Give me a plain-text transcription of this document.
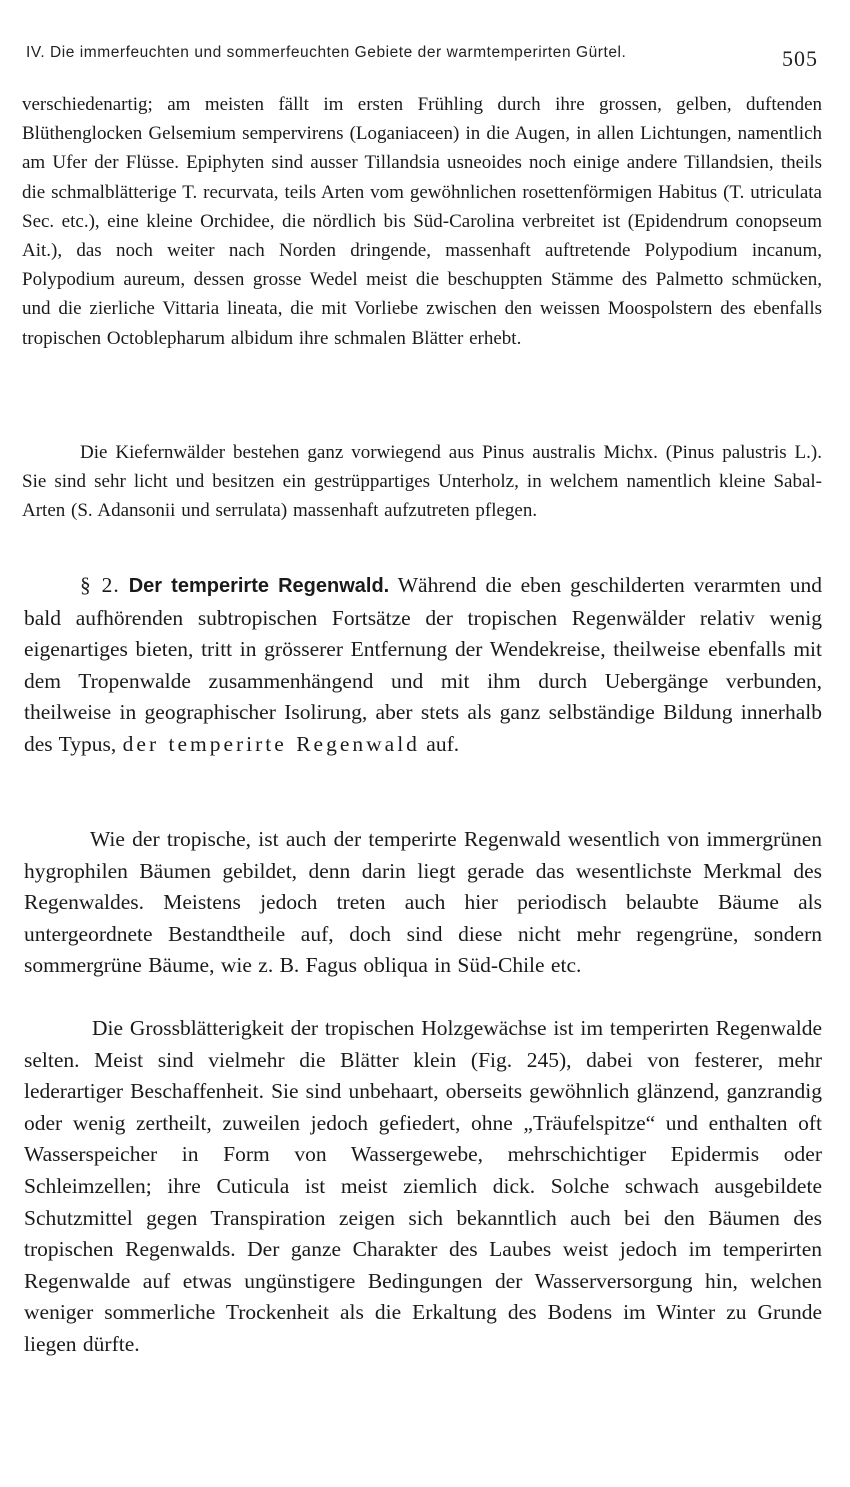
IV. Die immerfeuchten und sommerfeuchten Gebiete der warmtemperirten Gürtel.	505

verschiedenartig; am meisten fällt im ersten Frühling durch ihre grossen, gelben, duftenden Blüthenglocken Gelsemium sempervirens (Loganiaceen) in die Augen, in allen Lichtungen, namentlich am Ufer der Flüsse. Epiphyten sind ausser Tillandsia usneoides noch einige andere Tillandsien, theils die schmalblätterige T. recurvata, teils Arten vom gewöhnlichen rosettenförmigen Habitus (T. utriculata Sec. etc.), eine kleine Orchidee, die nördlich bis Süd-Carolina verbreitet ist (Epidendrum conopseum Ait.), das noch weiter nach Norden dringende, massenhaft auftretende Polypodium incanum, Polypodium aureum, dessen grosse Wedel meist die beschuppten Stämme des Palmetto schmücken, und die zierliche Vittaria lineata, die mit Vorliebe zwischen den weissen Moospolstern des ebenfalls tropischen Octoblepharum albidum ihre schmalen Blätter erhebt.

Die Kiefernwälder bestehen ganz vorwiegend aus Pinus australis Michx. (Pinus palustris L.). Sie sind sehr licht und besitzen ein gestrüppartiges Unterholz, in welchem namentlich kleine Sabal-Arten (S. Adansonii und serrulata) massenhaft aufzutreten pflegen.

§ 2. Der temperirte Regenwald. Während die eben geschilderten verarmten und bald aufhörenden subtropischen Fortsätze der tropischen Regenwälder relativ wenig eigenartiges bieten, tritt in grösserer Entfernung der Wendekreise, theilweise ebenfalls mit dem Tropenwalde zusammenhängend und mit ihm durch Uebergänge verbunden, theilweise in geographischer Isolirung, aber stets als ganz selbständige Bildung innerhalb des Typus, der temperirte Regenwald auf.

Wie der tropische, ist auch der temperirte Regenwald wesentlich von immergrünen hygrophilen Bäumen gebildet, denn darin liegt gerade das wesentlichste Merkmal des Regenwaldes. Meistens jedoch treten auch hier periodisch belaubte Bäume als untergeordnete Bestandtheile auf, doch sind diese nicht mehr regengrüne, sondern sommergrüne Bäume, wie z. B. Fagus obliqua in Süd-Chile etc.

Die Grossblätterigkeit der tropischen Holzgewächse ist im temperirten Regenwalde selten. Meist sind vielmehr die Blätter klein (Fig. 245), dabei von festerer, mehr lederartiger Beschaffenheit. Sie sind unbehaart, oberseits gewöhnlich glänzend, ganzrandig oder wenig zertheilt, zuweilen jedoch gefiedert, ohne „Träufelspitze“ und enthalten oft Wasserspeicher in Form von Wassergewebe, mehrschichtiger Epidermis oder Schleimzellen; ihre Cuticula ist meist ziemlich dick. Solche schwach ausgebildete Schutzmittel gegen Transpiration zeigen sich bekanntlich auch bei den Bäumen des tropischen Regenwalds. Der ganze Charakter des Laubes weist jedoch im temperirten Regenwalde auf etwas ungünstigere Bedingungen der Wasserversorgung hin, welchen weniger sommerliche Trockenheit als die Erkaltung des Bodens im Winter zu Grunde liegen dürfte.
